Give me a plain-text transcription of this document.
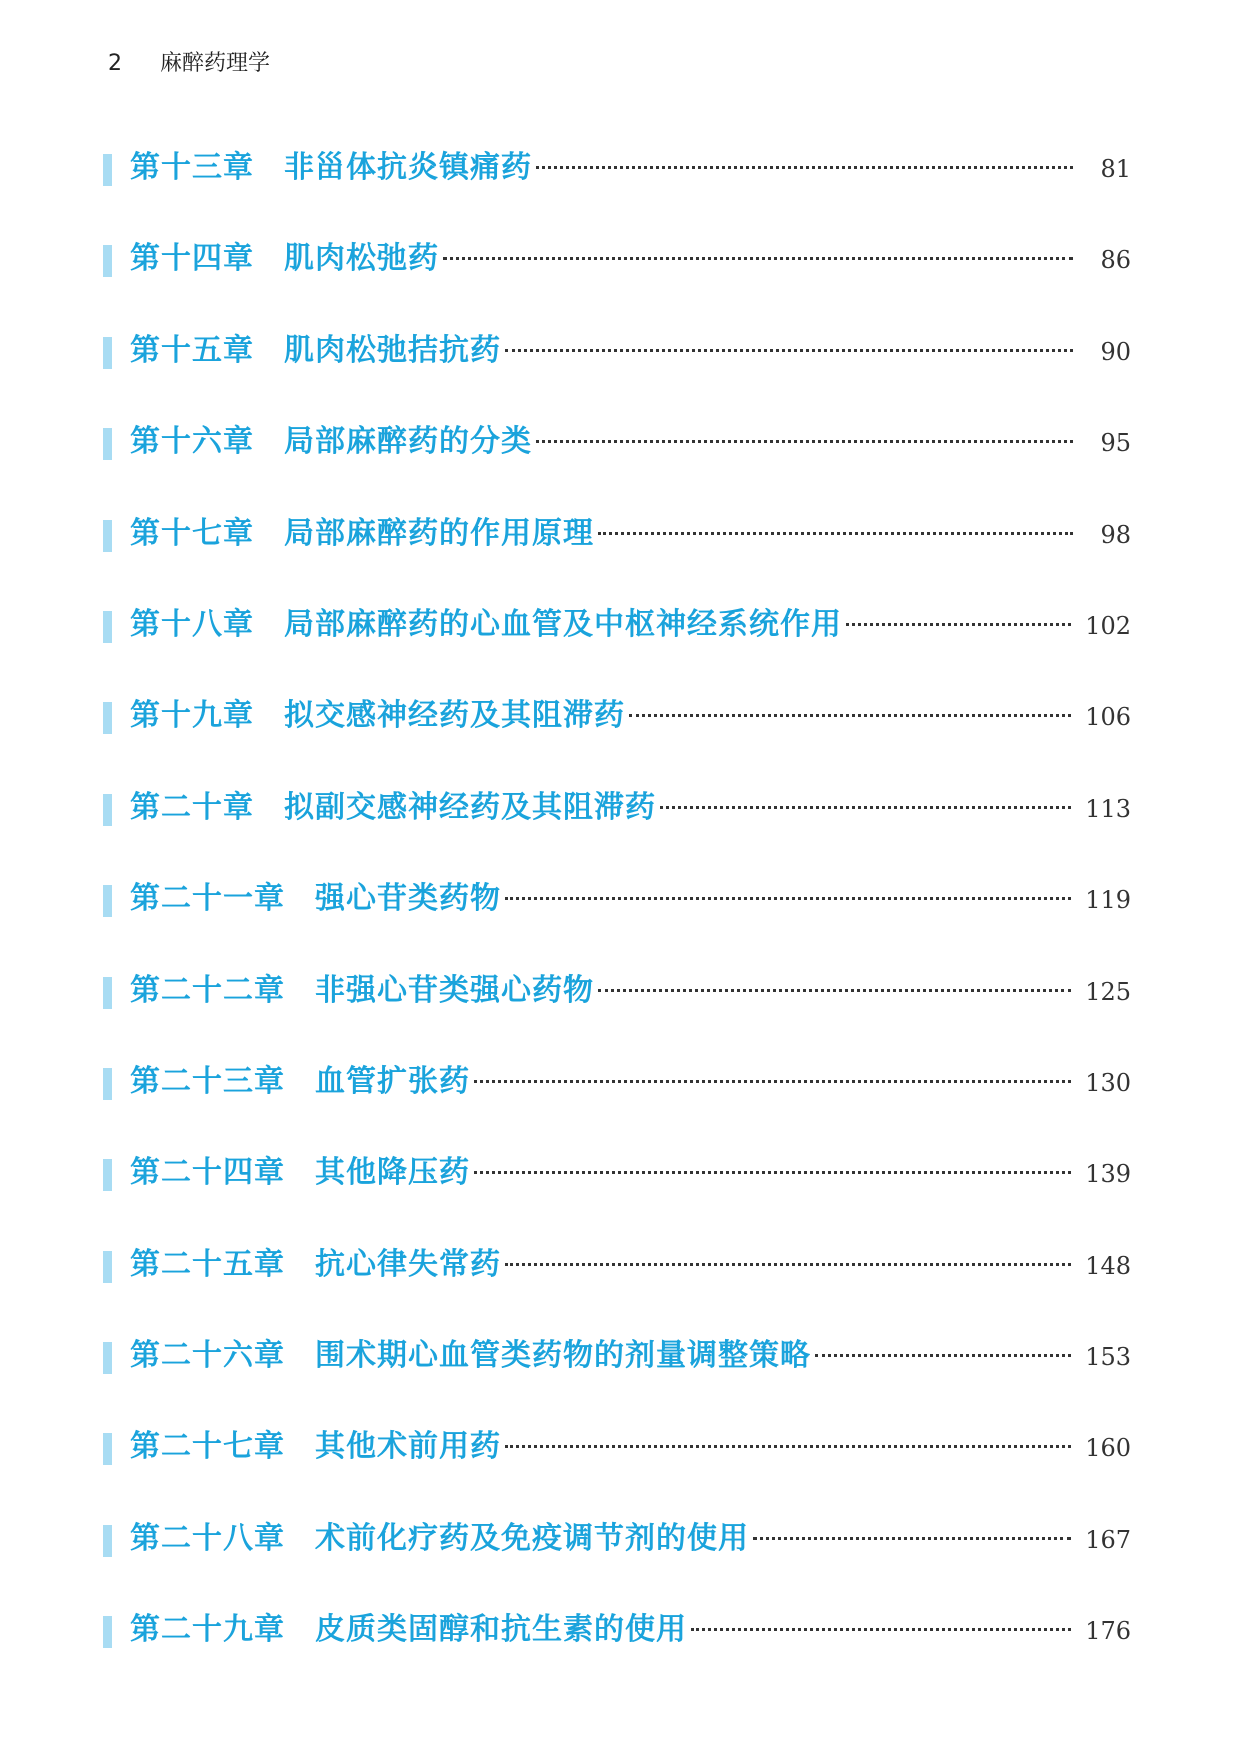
2 麻醉药理学
第十三章 非甾体抗炎镇痛药	81
第十四章 肌肉松弛药	86
第十五章 肌肉松弛拮抗药	90
第十六章 局部麻醉药的分类	95
第十七章 局部麻醉药的作用原理	98
第十八章 局部麻醉药的心血管及中枢神经系统作用	102
第十九章 拟交感神经药及其阻滞药	106
第二十章 拟副交感神经药及其阻滞药	113
第二十一章 强心苷类药物	119
第二十二章 非强心苷类强心药物	125
第二十三章 血管扩张药	130
第二十四章 其他降压药	139
第二十五章 抗心律失常药	148
第二十六章 围术期心血管类药物的剂量调整策略	153
第二十七章 其他术前用药	160
第二十八章 术前化疗药及免疫调节剂的使用	167
第二十九章 皮质类固醇和抗生素的使用	176
